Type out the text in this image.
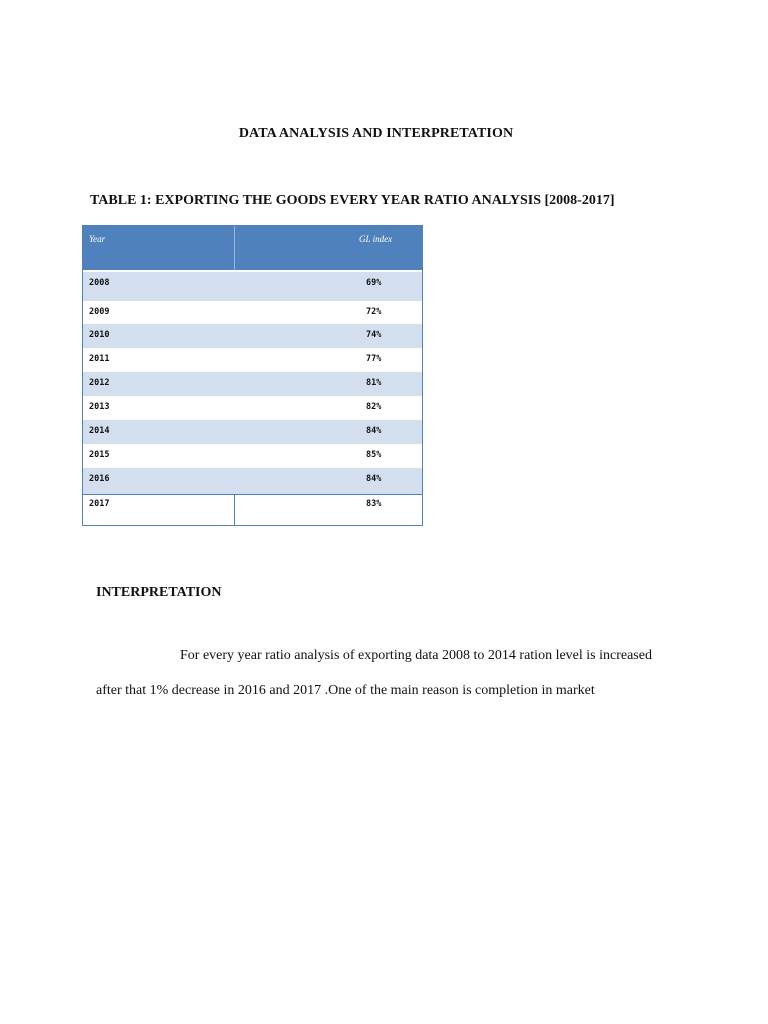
DATA ANALYSIS AND INTERPRETATION
TABLE 1: EXPORTING THE GOODS EVERY YEAR RATIO ANALYSIS [2008-2017]
Year	GL index
2008	69%
2009	72%
2010	74%
2011	77%
2012	81%
2013	82%
2014	84%
2015	85%
2016	84%
2017	83%
INTERPRETATION

For every year ratio analysis of exporting data 2008 to 2014 ration level is increased after that 1% decrease in 2016 and 2017 .One of the main reason is completion in market
